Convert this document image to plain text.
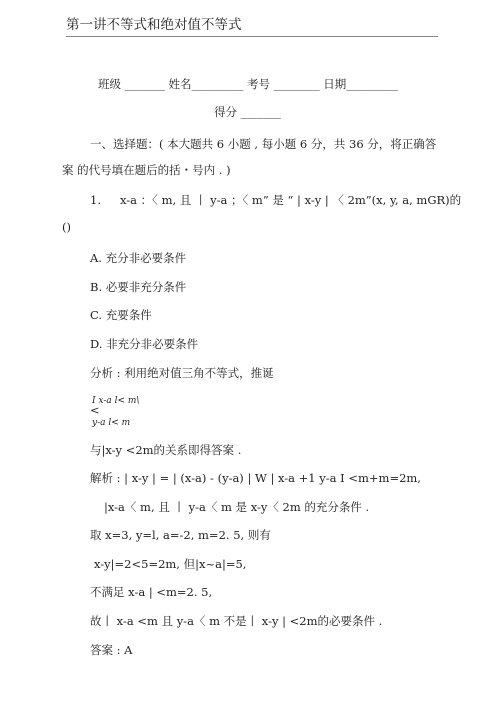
第一讲不等式和绝对值不等式
班级 _______ 姓名_________ 考号 ________ 日期_________
得分 _______
一、选择题：( 本大题共 6 小题 , 每小题 6 分，共 36 分，将正确答
案 的代号填在题后的括・号内 . )
1. x-a ：〈 m, 且 丨 y-a ；〈 m” 是 “ | x-y | 〈 2m”(x, y, a, mGR)的
()
A. 充分非必要条件
B. 必要非充分条件
C. 充要条件
D. 非充分非必要条件
分析 : 利用绝对值三角不等式，推诞
I x-a l< m\
<
y-a l< m
与|x-y <2m的关系即得答案 .
解析 : | x-y | = | (x-a) - (y-a) | W | x-a +1 y-a I <m+m=2m,
|x-a〈 m, 且 丨 y-a〈 m 是 x-y〈 2m 的充分条件 .
取 x=3, y=l, a=-2, m=2. 5, 则有
x-y|=2<5=2m, 但|x~a|=5,
不满足 x-a | <m=2. 5,
故丨 x-a <m 且 y-a〈 m 不是丨 x-y | <2m的必要条件 .
答案 : A
